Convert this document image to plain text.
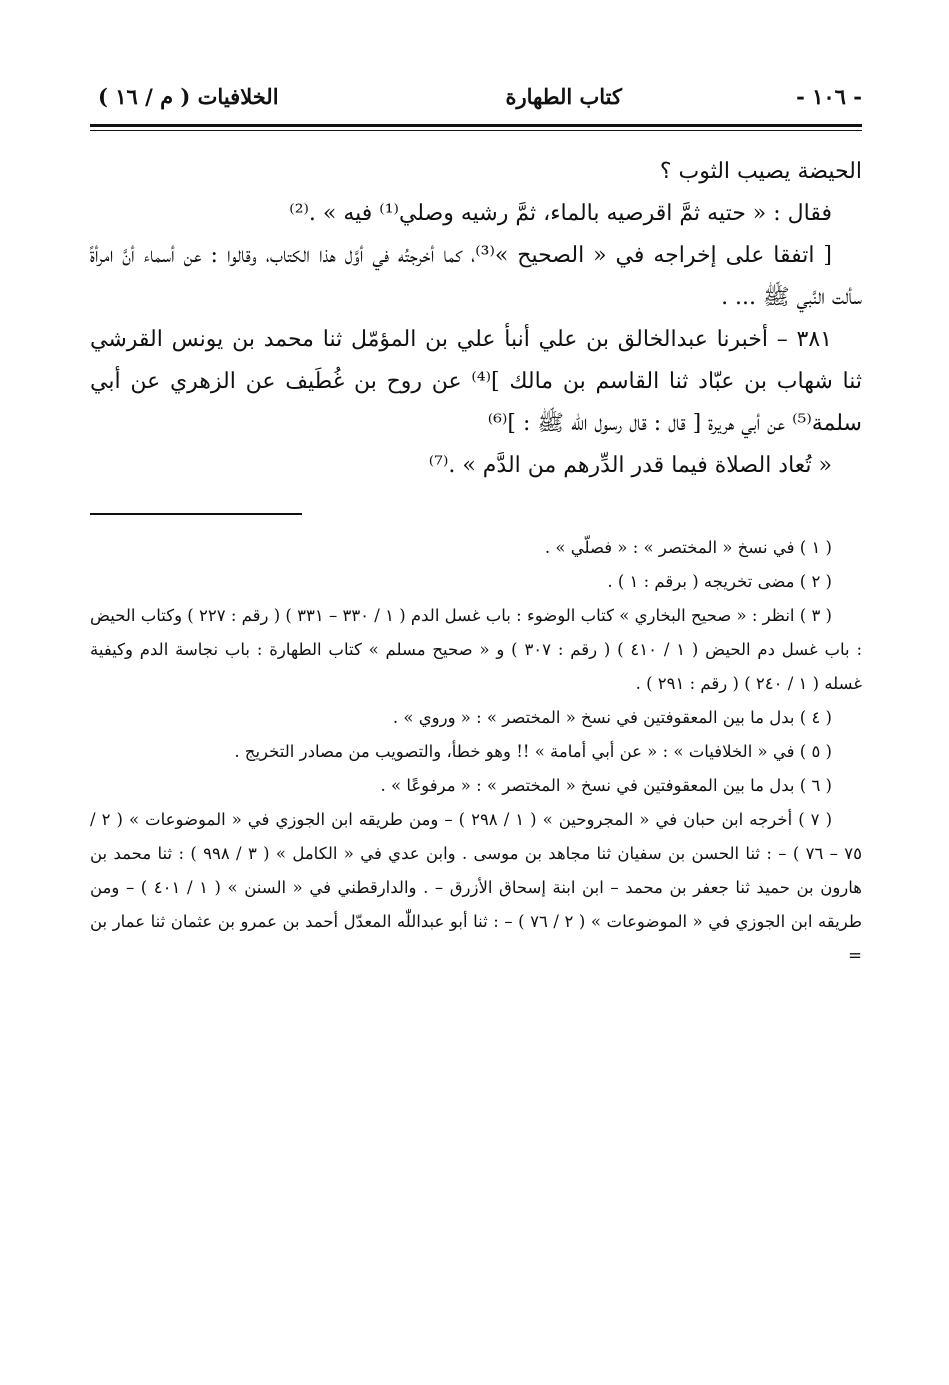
- ١٠٦ -
كتاب الطهارة
الخلافيات ( م / ١٦ )

الحيضة يصيب الثوب ؟

فقال : « حتيه ثمَّ اقرصيه بالماء، ثمَّ رشيه وصلي⁽¹⁾ فيه » .⁽²⁾

[ اتفقا على إخراجه في « الصحيح »⁽³⁾، كما أخرجتُه في أوَّل هذا الكتاب، وقالوا : عن أسماء أنَّ امرأةً سألت النَّبي ﷺ ... .

٣٨١ – أخبرنا عبدالخالق بن علي أنبأ علي بن المؤمّل ثنا محمد بن يونس القرشي ثنا شهاب بن عبّاد ثنا القاسم بن مالك ]⁽⁴⁾ عن روح بن غُطَيف عن الزهري عن أبي سلمة⁽⁵⁾ عن أبي هريرة [ قال : قال رسول اللّٰه ﷺ : ]⁽⁶⁾

« تُعاد الصلاة فيما قدر الدِّرهم من الدَّم » .⁽⁷⁾

( ١ ) في نسخ « المختصر » : « فصلّي » .

( ٢ ) مضى تخريجه ( برقم : ١ ) .

( ٣ ) انظر : « صحيح البخاري » كتاب الوضوء : باب غسل الدم ( ١ / ٣٣٠ – ٣٣١ ) ( رقم : ٢٢٧ ) وكتاب الحيض : باب غسل دم الحيض ( ١ / ٤١٠ ) ( رقم : ٣٠٧ ) و « صحيح مسلم » كتاب الطهارة : باب نجاسة الدم وكيفية غسله ( ١ / ٢٤٠ ) ( رقم : ٢٩١ ) .

( ٤ ) بدل ما بين المعقوفتين في نسخ « المختصر » : « وروي » .

( ٥ ) في « الخلافيات » : « عن أبي أمامة » !! وهو خطأ، والتصويب من مصادر التخريج .

( ٦ ) بدل ما بين المعقوفتين في نسخ « المختصر » : « مرفوعًا » .

( ٧ ) أخرجه ابن حبان في « المجروحين » ( ١ / ٢٩٨ ) – ومن طريقه ابن الجوزي في « الموضوعات » ( ٢ / ٧٥ – ٧٦ ) – : ثنا الحسن بن سفيان ثنا مجاهد بن موسى . وابن عدي في « الكامل » ( ٣ / ٩٩٨ ) : ثنا محمد بن هارون بن حميد ثنا جعفر بن محمد – ابن ابنة إسحاق الأزرق – . والدارقطني في « السنن » ( ١ / ٤٠١ ) – ومن طريقه ابن الجوزي في « الموضوعات » ( ٢ / ٧٦ ) – : ثنا أبو عبداللّٰه المعدّل أحمد بن عمرو بن عثمان ثنا عمار بن =
